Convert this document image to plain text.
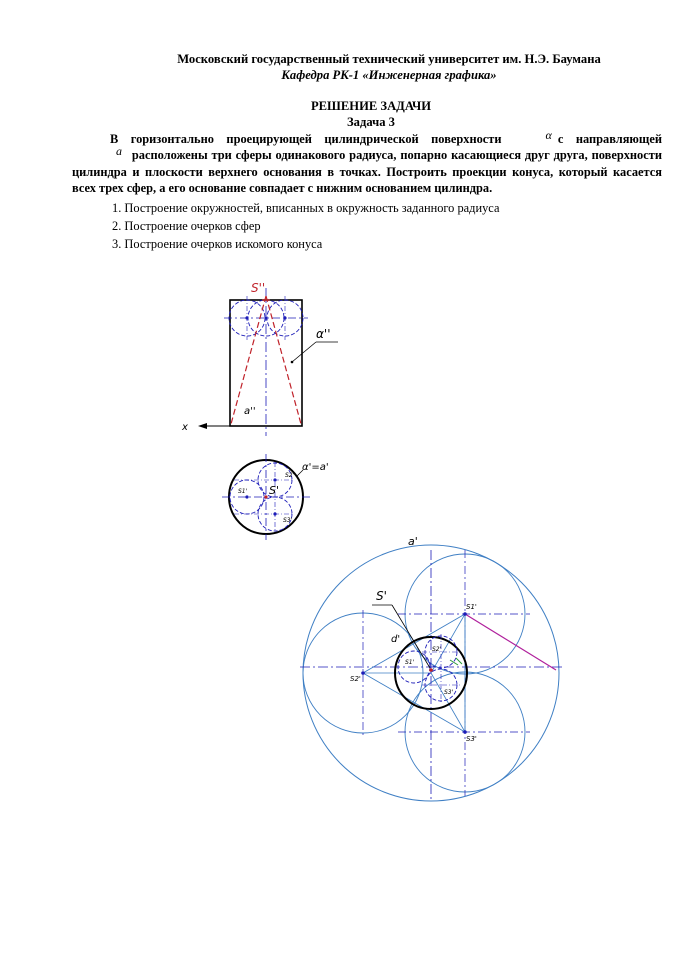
Московский государственный технический университет им. Н.Э. Баумана
Кафедра РК-1 «Инженерная графика»
РЕШЕНИЕ ЗАДАЧИ
Задача 3
В горизонтально проецирующей цилиндрической поверхности	α с направляющейa расположены три сферы одинакового радиуса, попарно касающиеся друг друга, поверхности цилиндра и плоскости верхнего основания в точках. Построить проекции конуса, который касается всех трех сфер, а его основание совпадает с нижним основанием цилиндра.
1. Построение окружностей, вписанных в окружность заданного радиуса
2. Построение очерков сфер
3. Построение очерков искомого конуса
x
S''
α''
a''
S'
S1'
S2'
S3'
α'=a'
a'
S'
d'
S1'
S2'
S3'
S1'
S2'
S3'
